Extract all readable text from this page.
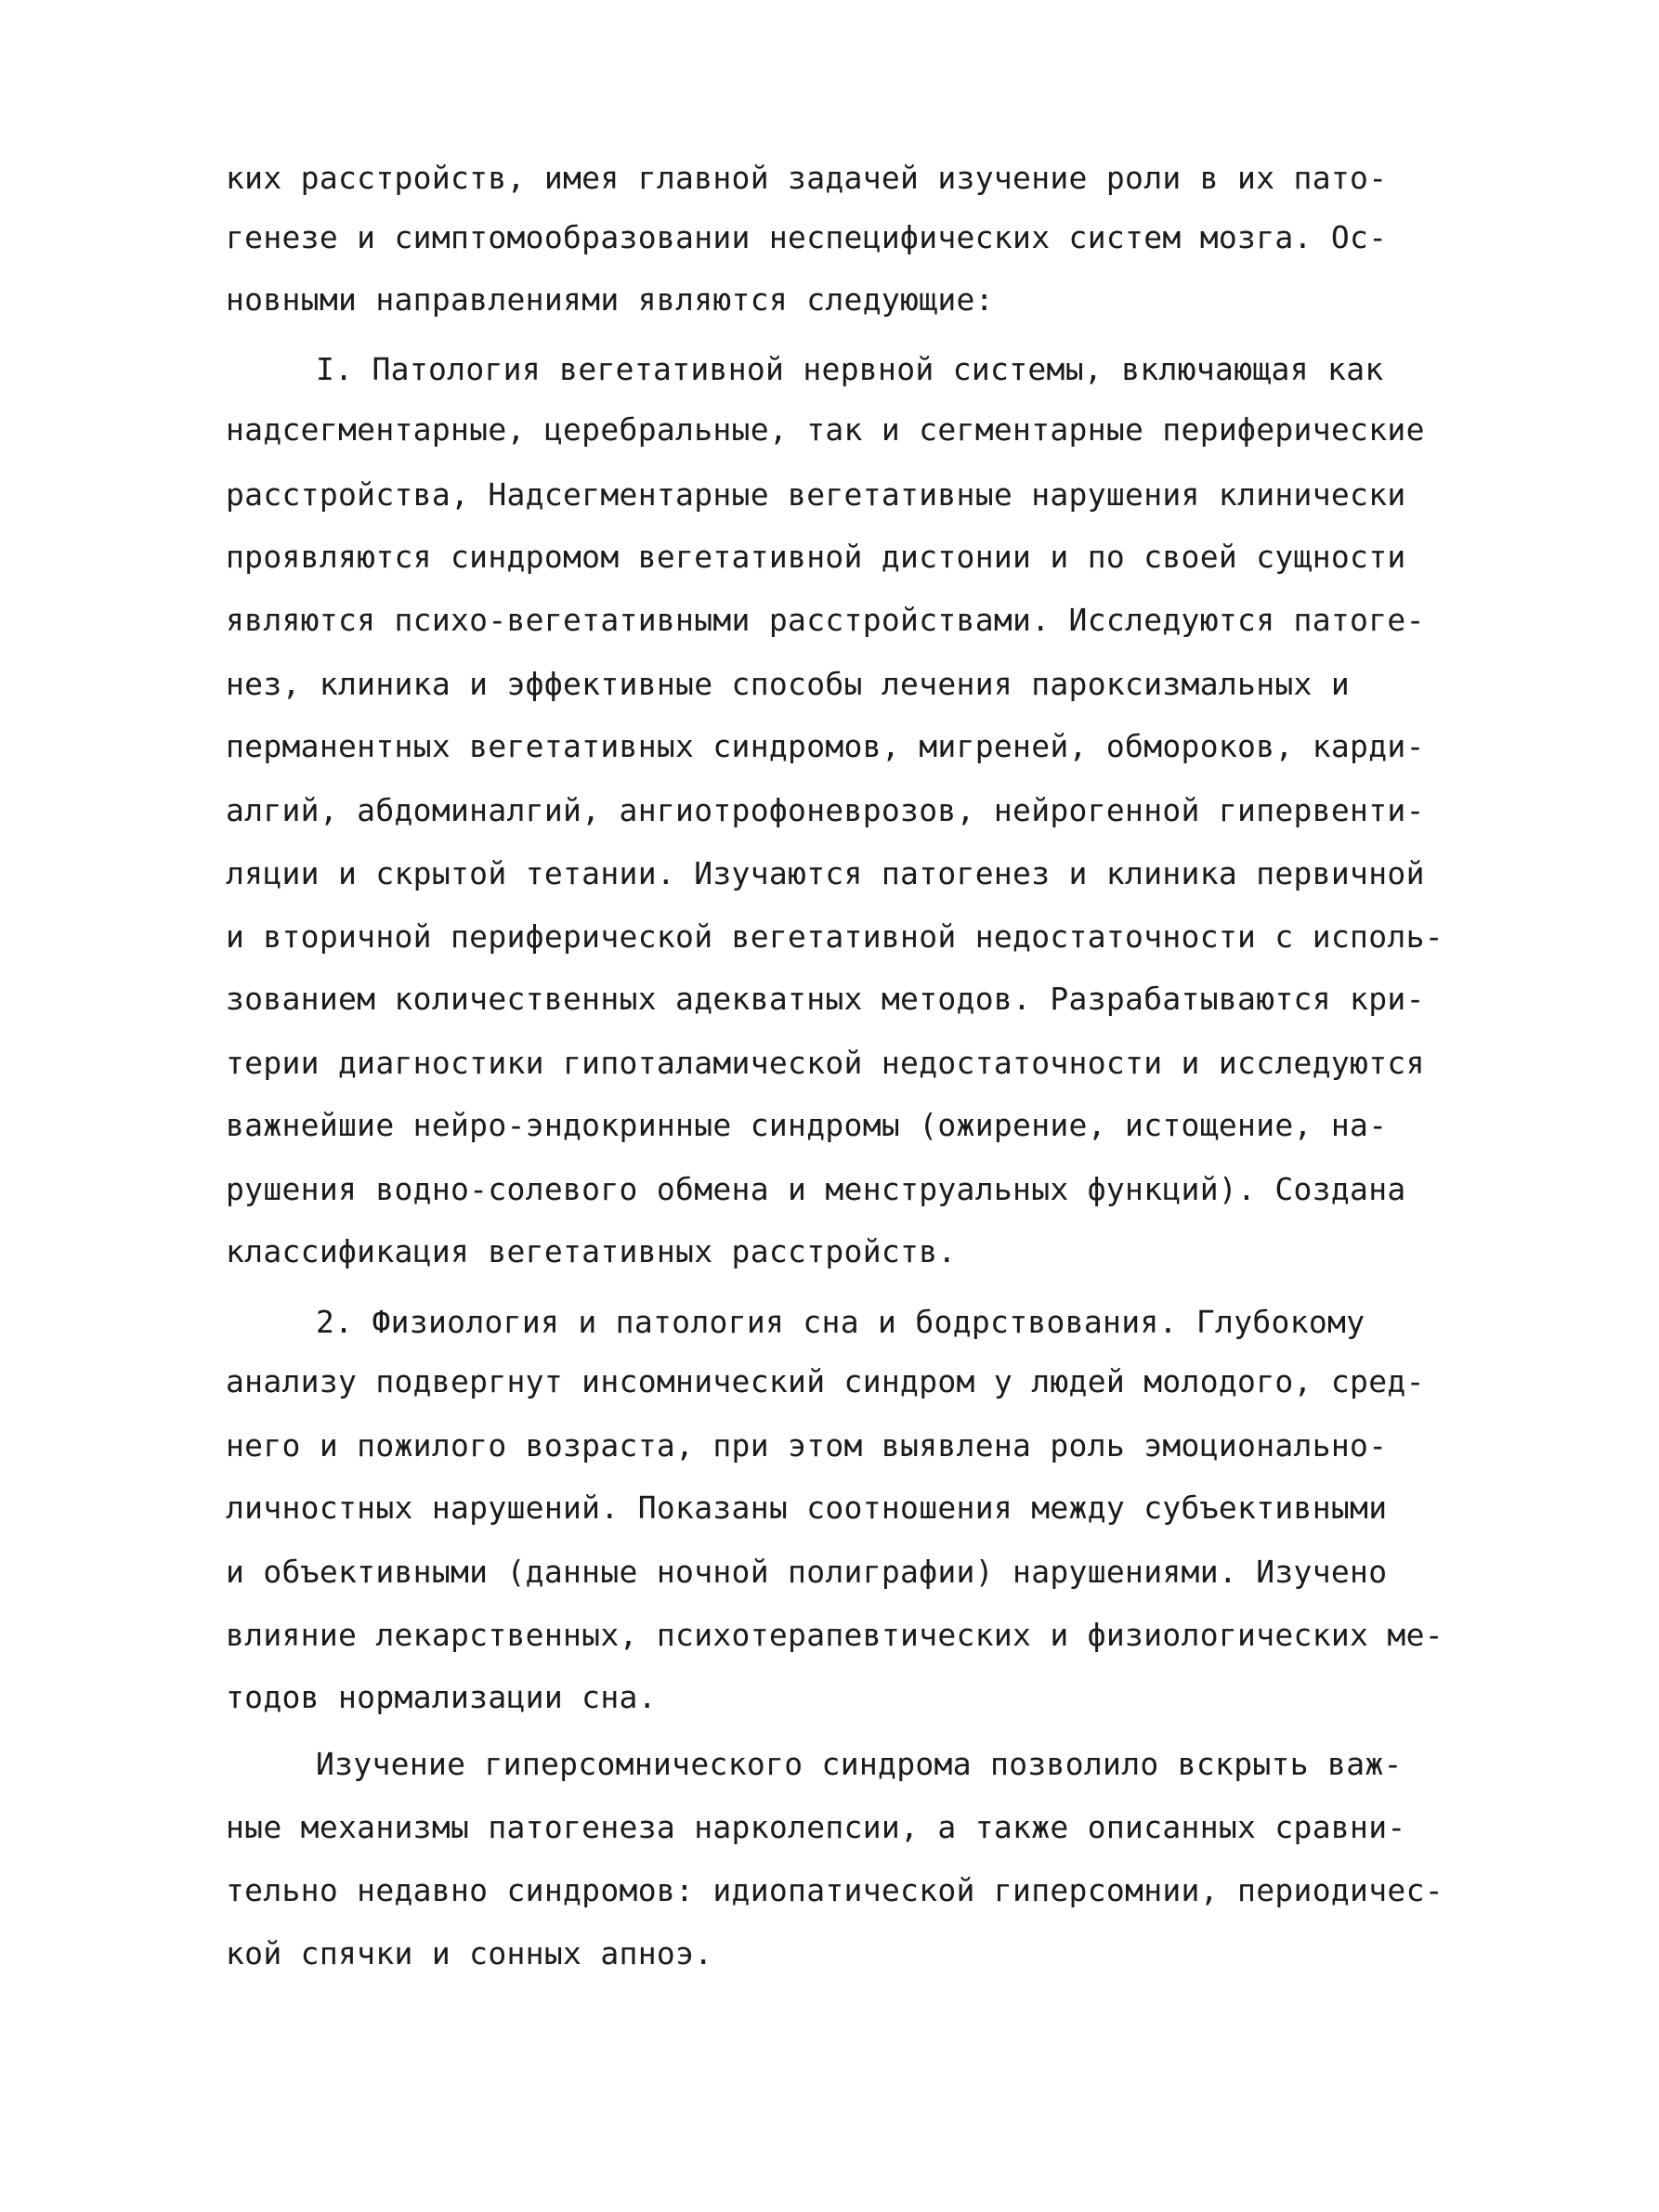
ких расстройств, имея главной задачей изучение роли в их пато-

генезе и симптомообразовании неспецифических систем мозга. Ос-

новными направлениями являются следующие:

I. Патология вегетативной нервной системы, включающая как

надсегментарные, церебральные, так и сегментарные периферические

расстройства, Надсегментарные вегетативные нарушения клинически

проявляются синдромом вегетативной дистонии и по своей сущности

являются психо-вегетативными расстройствами. Исследуются патоге-

нез, клиника и эффективные способы лечения пароксизмальных и

перманентных вегетативных синдромов, мигреней, обмороков, карди-

алгий, абдоминалгий, ангиотрофоневрозов, нейрогенной гипервенти-

ляции и скрытой тетании. Изучаются патогенез и клиника первичной

и вторичной периферической вегетативной недостаточности с исполь-

зованием количественных адекватных методов. Разрабатываются кри-

терии диагностики гипоталамической недостаточности и исследуются

важнейшие нейро-эндокринные синдромы (ожирение, истощение, на-

рушения водно-солевого обмена и менструальных функций). Создана

классификация вегетативных расстройств.

2. Физиология и патология сна и бодрствования. Глубокому

анализу подвергнут инсомнический синдром у людей молодого, сред-

него и пожилого возраста, при этом выявлена роль эмоционально-

личностных нарушений. Показаны соотношения между субъективными

и объективными (данные ночной полиграфии) нарушениями. Изучено

влияние лекарственных, психотерапевтических и физиологических ме-

тодов нормализации сна.

Изучение гиперсомнического синдрома позволило вскрыть важ-

ные механизмы патогенеза нарколепсии, а также описанных сравни-

тельно недавно синдромов: идиопатической гиперсомнии, периодичес-

кой спячки и сонных апноэ.
